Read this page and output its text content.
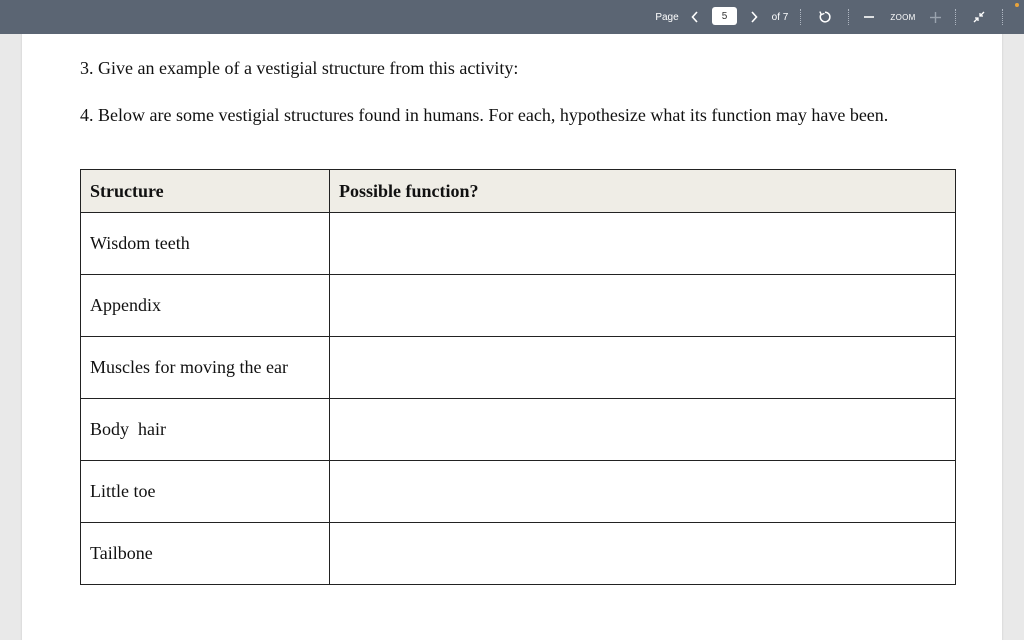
Page
5	of 7	ZOOM

3. Give an example of a vestigial structure from this activity:

4. Below are some vestigial structures found in humans. For each, hypothesize what its function may have been.

Structure	Possible function?
Wisdom teeth	
Appendix	
Muscles for moving the ear	
Body  hair	
Little toe	
Tailbone	
